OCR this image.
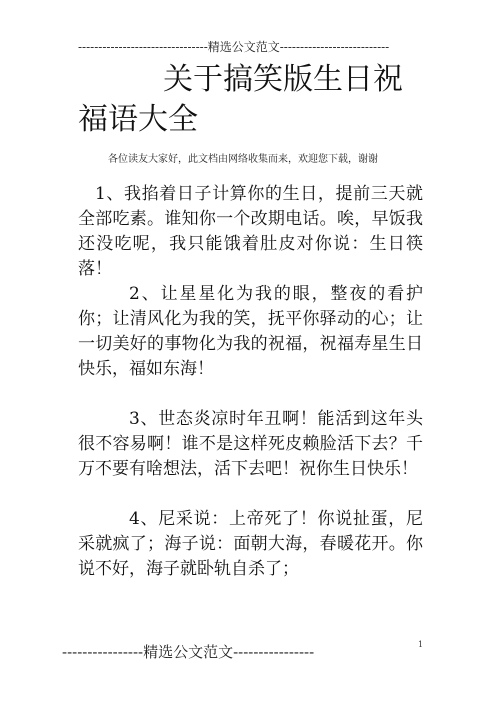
--------------------------------精选公文范文---------------------------
关于搞笑版生日祝
福语大全
各位读友大家好，此文档由网络收集而来，欢迎您下载，谢谢

1、我掐着日子计算你的生日，提前三天就全部吃素。谁知你一个改期电话。唉，早饭我还没吃呢，我只能饿着肚皮对你说：生日筷落！

2、让星星化为我的眼，整夜的看护你；让清风化为我的笑，抚平你驿动的心；让一切美好的事物化为我的祝福，祝福寿星生日快乐，福如东海！

3、世态炎凉时年丑啊！能活到这年头很不容易啊！谁不是这样死皮赖脸活下去？千万不要有啥想法，活下去吧！祝你生日快乐！

4、尼采说：上帝死了！你说扯蛋，尼采就疯了；海子说：面朝大海，春暖花开。你说不好，海子就卧轨自杀了；

1
----------------精选公文范文----------------
